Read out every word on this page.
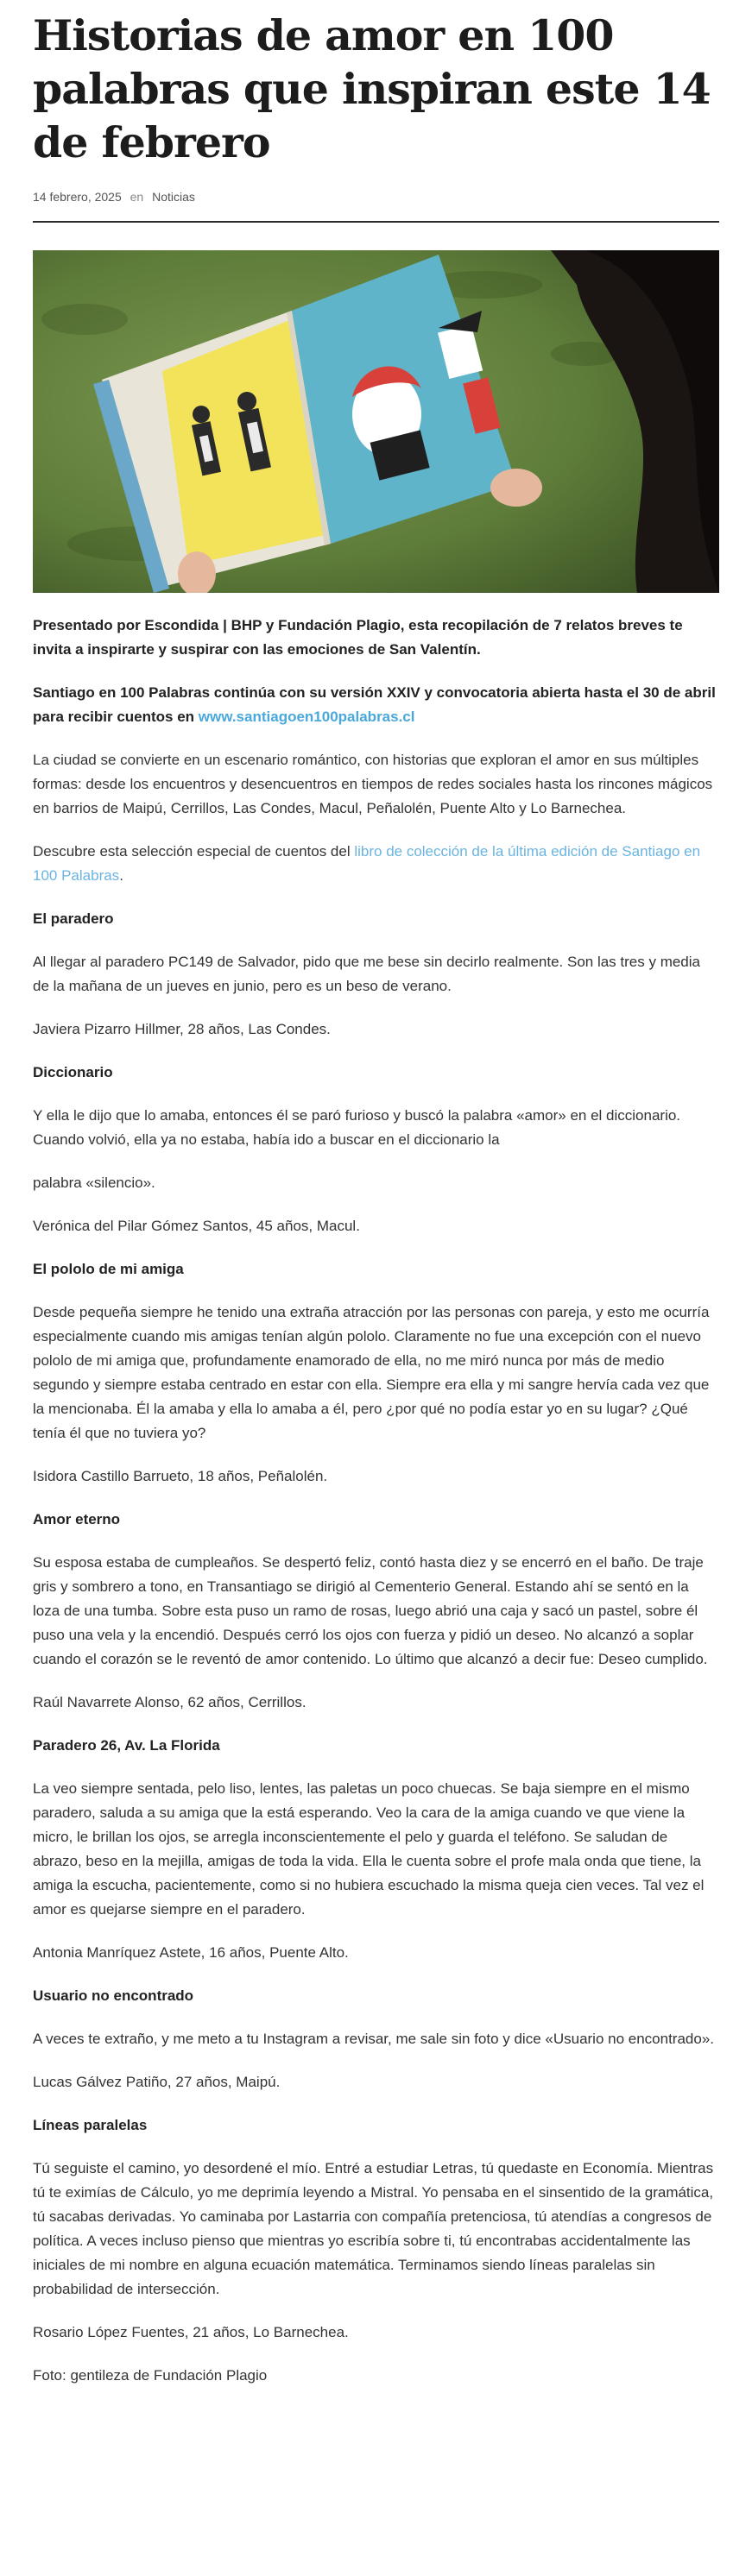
Historias de amor en 100 palabras que inspiran este 14 de febrero
14 febrero, 2025 en Noticias

Presentado por Escondida | BHP y Fundación Plagio, esta recopilación de 7 relatos breves te invita a inspirarte y suspirar con las emociones de San Valentín.

Santiago en 100 Palabras continúa con su versión XXIV y convocatoria abierta hasta el 30 de abril para recibir cuentos en www.santiagoen100palabras.cl

La ciudad se convierte en un escenario romántico, con historias que exploran el amor en sus múltiples formas: desde los encuentros y desencuentros en tiempos de redes sociales hasta los rincones mágicos en barrios de Maipú, Cerrillos, Las Condes, Macul, Peñalolén, Puente Alto y Lo Barnechea.

Descubre esta selección especial de cuentos del libro de colección de la última edición de Santiago en 100 Palabras.

El paradero

Al llegar al paradero PC149 de Salvador, pido que me bese sin decirlo realmente. Son las tres y media de la mañana de un jueves en junio, pero es un beso de verano.

Javiera Pizarro Hillmer, 28 años, Las Condes.

Diccionario

Y ella le dijo que lo amaba, entonces él se paró furioso y buscó la palabra «amor» en el diccionario. Cuando volvió, ella ya no estaba, había ido a buscar en el diccionario la

palabra «silencio».

Verónica del Pilar Gómez Santos, 45 años, Macul.

El pololo de mi amiga

Desde pequeña siempre he tenido una extraña atracción por las personas con pareja, y esto me ocurría especialmente cuando mis amigas tenían algún pololo. Claramente no fue una excepción con el nuevo pololo de mi amiga que, profundamente enamorado de ella, no me miró nunca por más de medio segundo y siempre estaba centrado en estar con ella. Siempre era ella y mi sangre hervía cada vez que la mencionaba. Él la amaba y ella lo amaba a él, pero ¿por qué no podía estar yo en su lugar? ¿Qué tenía él que no tuviera yo?

Isidora Castillo Barrueto, 18 años, Peñalolén.

Amor eterno

Su esposa estaba de cumpleaños. Se despertó feliz, contó hasta diez y se encerró en el baño. De traje gris y sombrero a tono, en Transantiago se dirigió al Cementerio General. Estando ahí se sentó en la loza de una tumba. Sobre esta puso un ramo de rosas, luego abrió una caja y sacó un pastel, sobre él puso una vela y la encendió. Después cerró los ojos con fuerza y pidió un deseo. No alcanzó a soplar cuando el corazón se le reventó de amor contenido. Lo último que alcanzó a decir fue: Deseo cumplido.

Raúl Navarrete Alonso, 62 años, Cerrillos.

Paradero 26, Av. La Florida

La veo siempre sentada, pelo liso, lentes, las paletas un poco chuecas. Se baja siempre en el mismo paradero, saluda a su amiga que la está esperando. Veo la cara de la amiga cuando ve que viene la micro, le brillan los ojos, se arregla inconscientemente el pelo y guarda el teléfono. Se saludan de abrazo, beso en la mejilla, amigas de toda la vida. Ella le cuenta sobre el profe mala onda que tiene, la amiga la escucha, pacientemente, como si no hubiera escuchado la misma queja cien veces. Tal vez el amor es quejarse siempre en el paradero.

Antonia Manríquez Astete, 16 años, Puente Alto.

Usuario no encontrado

A veces te extraño, y me meto a tu Instagram a revisar, me sale sin foto y dice «Usuario no encontrado».

Lucas Gálvez Patiño, 27 años, Maipú.

Líneas paralelas

Tú seguiste el camino, yo desordené el mío. Entré a estudiar Letras, tú quedaste en Economía. Mientras tú te eximías de Cálculo, yo me deprimía leyendo a Mistral. Yo pensaba en el sinsentido de la gramática, tú sacabas derivadas. Yo caminaba por Lastarria con compañía pretenciosa, tú atendías a congresos de política. A veces incluso pienso que mientras yo escribía sobre ti, tú encontrabas accidentalmente las iniciales de mi nombre en alguna ecuación matemática. Terminamos siendo líneas paralelas sin probabilidad de intersección.

Rosario López Fuentes, 21 años, Lo Barnechea.

Foto: gentileza de Fundación Plagio
